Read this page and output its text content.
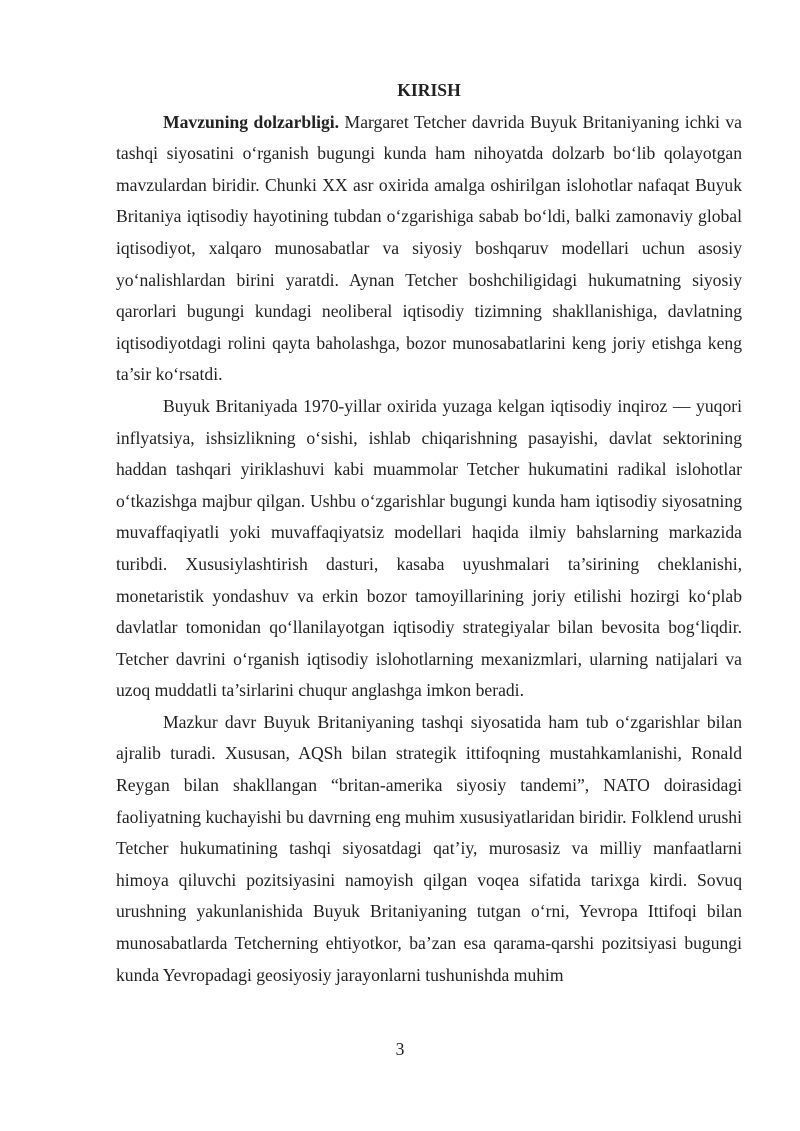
KIRISH

Mavzuning dolzarbligi. Margaret Tetcher davrida Buyuk Britaniyaning ichki va tashqi siyosatini o‘rganish bugungi kunda ham nihoyatda dolzarb bo‘lib qolayotgan mavzulardan biridir. Chunki XX asr oxirida amalga oshirilgan islohotlar nafaqat Buyuk Britaniya iqtisodiy hayotining tubdan o‘zgarishiga sabab bo‘ldi, balki zamonaviy global iqtisodiyot, xalqaro munosabatlar va siyosiy boshqaruv modellari uchun asosiy yo‘nalishlardan birini yaratdi. Aynan Tetcher boshchiligidagi hukumatning siyosiy qarorlari bugungi kundagi neoliberal iqtisodiy tizimning shakllanishiga, davlatning iqtisodiyotdagi rolini qayta baholashga, bozor munosabatlarini keng joriy etishga keng ta’sir ko‘rsatdi.

Buyuk Britaniyada 1970-yillar oxirida yuzaga kelgan iqtisodiy inqiroz — yuqori inflyatsiya, ishsizlikning o‘sishi, ishlab chiqarishning pasayishi, davlat sektorining haddan tashqari yiriklashuvi kabi muammolar Tetcher hukumatini radikal islohotlar o‘tkazishga majbur qilgan. Ushbu o‘zgarishlar bugungi kunda ham iqtisodiy siyosatning muvaffaqiyatli yoki muvaffaqiyatsiz modellari haqida ilmiy bahslarning markazida turibdi. Xususiylashtirish dasturi, kasaba uyushmalari ta’sirining cheklanishi, monetaristik yondashuv va erkin bozor tamoyillarining joriy etilishi hozirgi ko‘plab davlatlar tomonidan qo‘llanilayotgan iqtisodiy strategiyalar bilan bevosita bog‘liqdir. Tetcher davrini o‘rganish iqtisodiy islohotlarning mexanizmlari, ularning natijalari va uzoq muddatli ta’sirlarini chuqur anglashga imkon beradi.

Mazkur davr Buyuk Britaniyaning tashqi siyosatida ham tub o‘zgarishlar bilan ajralib turadi. Xususan, AQSh bilan strategik ittifoqning mustahkamlanishi, Ronald Reygan bilan shakllangan “britan-amerika siyosiy tandemi”, NATO doirasidagi faoliyatning kuchayishi bu davrning eng muhim xususiyatlaridan biridir. Folklend urushi Tetcher hukumatining tashqi siyosatdagi qat’iy, murosasiz va milliy manfaatlarni himoya qiluvchi pozitsiyasini namoyish qilgan voqea sifatida tarixga kirdi. Sovuq urushning yakunlanishida Buyuk Britaniyaning tutgan o‘rni, Yevropa Ittifoqi bilan munosabatlarda Tetcherning ehtiyotkor, ba’zan esa qarama-qarshi pozitsiyasi bugungi kunda Yevropadagi geosiyosiy jarayonlarni tushunishda muhim

3
